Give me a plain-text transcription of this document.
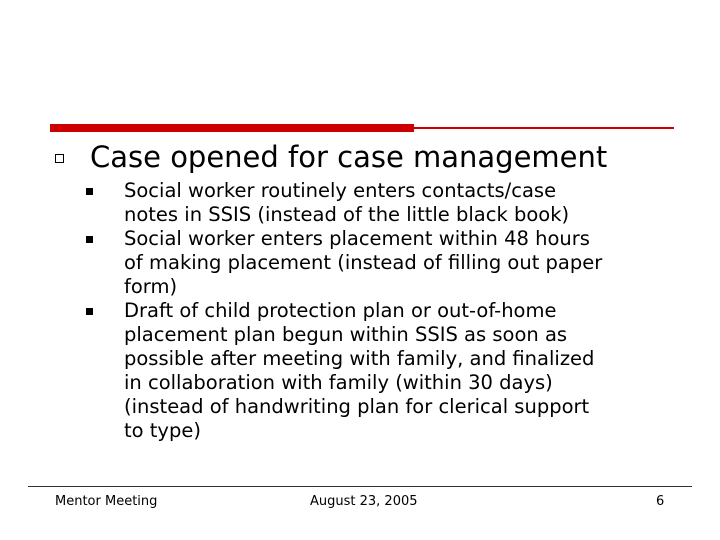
Case opened for case management
Social worker routinely enters contacts/case
notes in SSIS (instead of the little black book)
Social worker enters placement within 48 hours
of making placement (instead of filling out paper
form)
Draft of child protection plan or out-of-home
placement plan begun within SSIS as soon as
possible after meeting with family, and finalized
in collaboration with family (within 30 days)
(instead of handwriting plan for clerical support
to type)
Mentor Meeting	August 23, 2005	6
